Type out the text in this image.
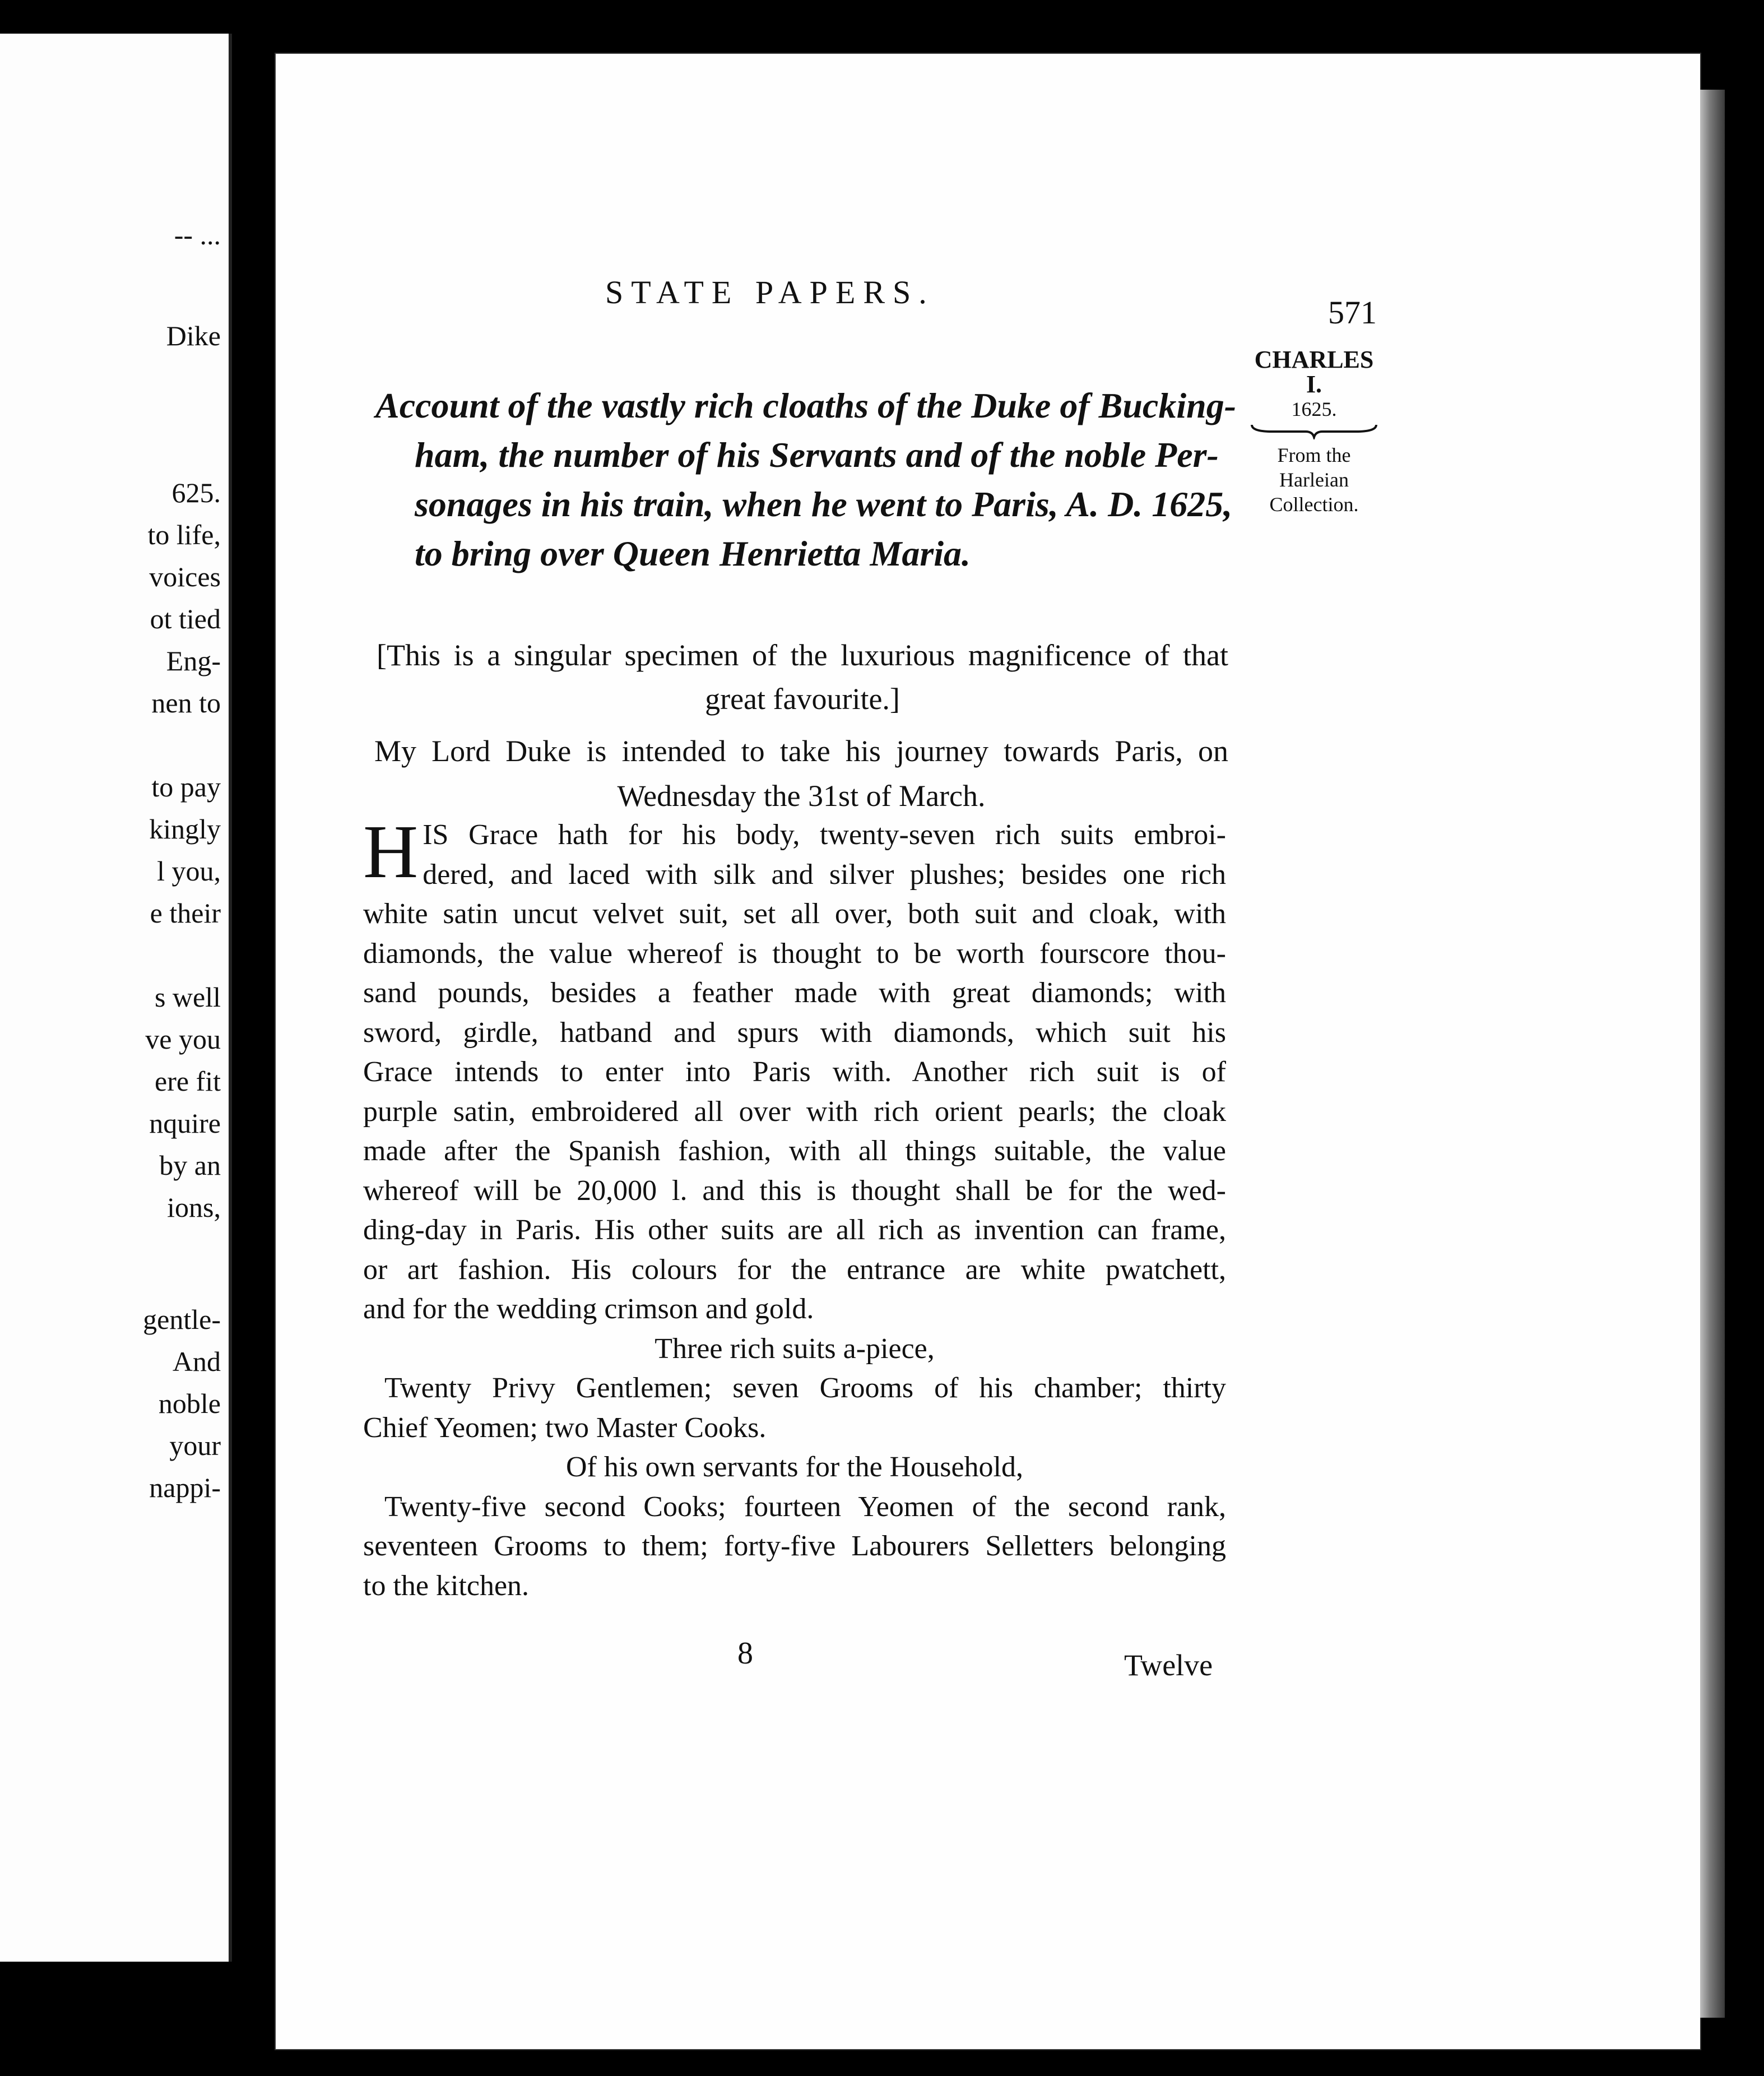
-- ...
Dike
625.
to life,
voices
ot tied
Eng-
nen to
to pay
kingly
l you,
e their
s well
ve you
ere fit
nquire
by an
ions,
gentle-
And
noble
your
nappi-
STATE PAPERS.
571
CHARLES
I.
1625.
From the
Harleian
Collection.
Account of the vastly rich cloaths of the Duke of Bucking-
ham, the number of his Servants and of the noble Per-
sonages in his train, when he went to Paris, A. D. 1625,
to bring over Queen Henrietta Maria.
[This is a singular specimen of the luxurious magnificence of that great favourite.]
My Lord Duke is intended to take his journey towards Paris, on Wednesday the 31st of March.
H IS Grace hath for his body, twenty-seven rich suits embroi-
dered, and laced with silk and silver plushes; besides one rich
white satin uncut velvet suit, set all over, both suit and cloak, with
diamonds, the value whereof is thought to be worth fourscore thou-
sand pounds, besides a feather made with great diamonds; with
sword, girdle, hatband and spurs with diamonds, which suit his
Grace intends to enter into Paris with. Another rich suit is of
purple satin, embroidered all over with rich orient pearls; the cloak
made after the Spanish fashion, with all things suitable, the value
whereof will be 20,000 l. and this is thought shall be for the wed-
ding-day in Paris. His other suits are all rich as invention can frame,
or art fashion. His colours for the entrance are white pwatchett,
and for the wedding crimson and gold.
Three rich suits a-piece,
Twenty Privy Gentlemen; seven Grooms of his chamber; thirty
Chief Yeomen; two Master Cooks.
Of his own servants for the Household,
Twenty-five second Cooks; fourteen Yeomen of the second rank,
seventeen Grooms to them; forty-five Labourers Selletters belonging
to the kitchen.
8	Twelve
